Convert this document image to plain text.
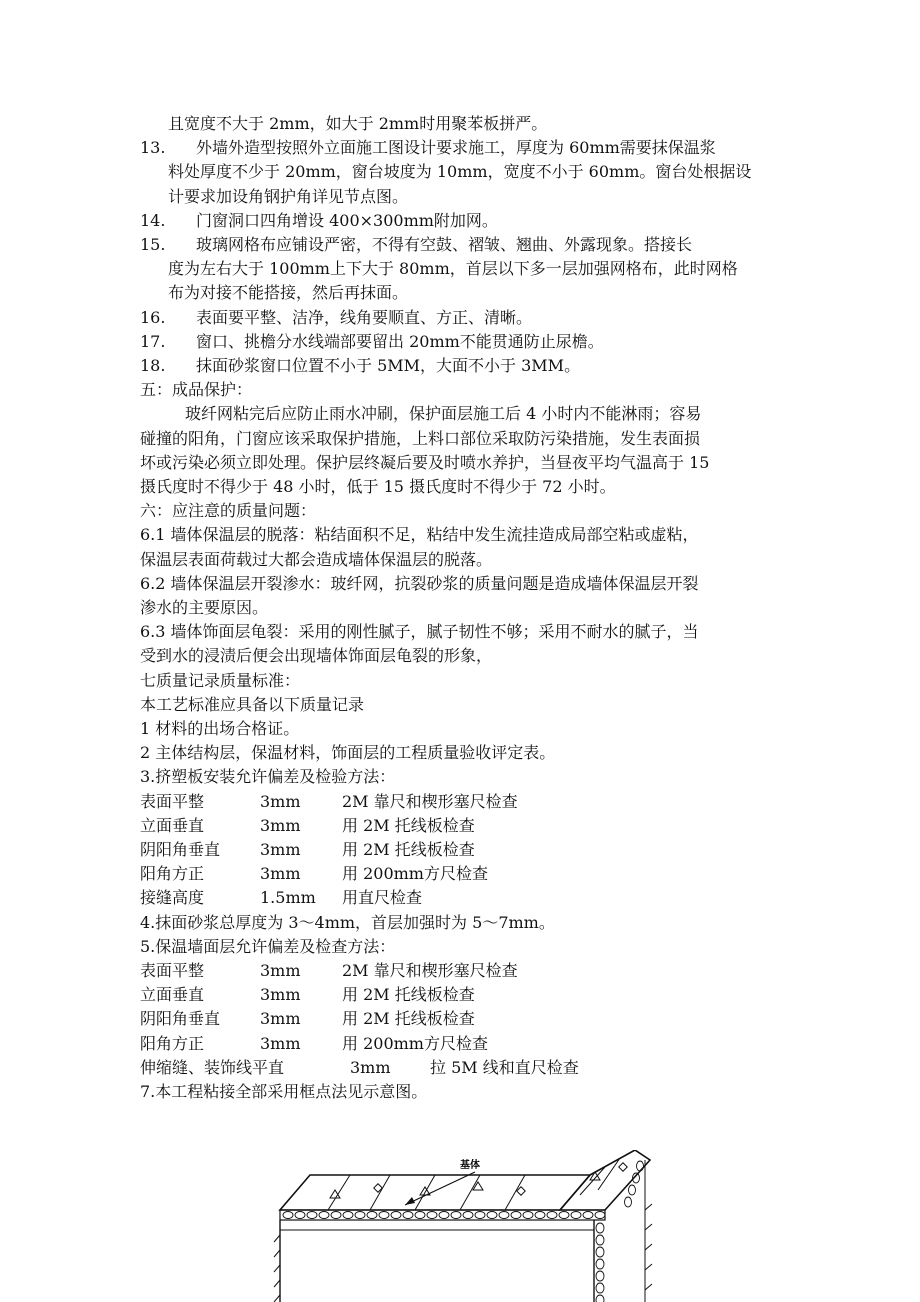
且宽度不大于 2mm，如大于 2mm时用聚苯板拼严。
13. 外墙外造型按照外立面施工图设计要求施工，厚度为 60mm需要抹保温浆
料处厚度不少于 20mm，窗台坡度为 10mm，宽度不小于 60mm。窗台处根据设
计要求加设角钢护角详见节点图。
14. 门窗洞口四角增设 400×300mm附加网。
15. 玻璃网格布应铺设严密，不得有空鼓、褶皱、翘曲、外露现象。搭接长
度为左右大于 100mm上下大于 80mm，首层以下多一层加强网格布，此时网格
布为对接不能搭接，然后再抹面。
16. 表面要平整、洁净，线角要顺直、方正、清晰。
17. 窗口、挑檐分水线端部要留出 20mm不能贯通防止尿檐。
18. 抹面砂浆窗口位置不小于 5MM，大面不小于 3MM。
五：成品保护：
玻纤网粘完后应防止雨水冲刷，保护面层施工后 4 小时内不能淋雨；容易
碰撞的阳角，门窗应该采取保护措施，上料口部位采取防污染措施，发生表面损
坏或污染必须立即处理。保护层终凝后要及时喷水养护，当昼夜平均气温高于 15
摄氏度时不得少于 48 小时，低于 15 摄氏度时不得少于 72 小时。
六：应注意的质量问题：
6.1 墙体保温层的脱落：粘结面积不足，粘结中发生流挂造成局部空粘或虚粘，
保温层表面荷载过大都会造成墙体保温层的脱落。
6.2 墙体保温层开裂渗水：玻纤网，抗裂砂浆的质量问题是造成墙体保温层开裂
渗水的主要原因。
6.3 墙体饰面层龟裂：采用的刚性腻子，腻子韧性不够；采用不耐水的腻子，当
受到水的浸渍后便会出现墙体饰面层龟裂的形象，
七质量记录质量标准：
本工艺标准应具备以下质量记录
1 材料的出场合格证。
2 主体结构层，保温材料，饰面层的工程质量验收评定表。
3.挤塑板安装允许偏差及检验方法：
表面平整	3mm	2M 靠尺和楔形塞尺检查
立面垂直	3mm	用 2M 托线板检查
阴阳角垂直 3mm	用 2M 托线板检查
阳角方正	3mm	用 200mm方尺检查
接缝高度	1.5mm 用直尺检查
4.抹面砂浆总厚度为 3～4mm，首层加强时为 5～7mm。
5.保温墙面层允许偏差及检查方法：
表面平整	3mm	2M 靠尺和楔形塞尺检查
立面垂直	3mm	用 2M 托线板检查
阴阳角垂直 3mm	用 2M 托线板检查
阳角方正	3mm	用 200mm方尺检查
伸缩缝、装饰线平直	3mm 拉 5M 线和直尺检查
7.本工程粘接全部采用框点法见示意图。
基体
